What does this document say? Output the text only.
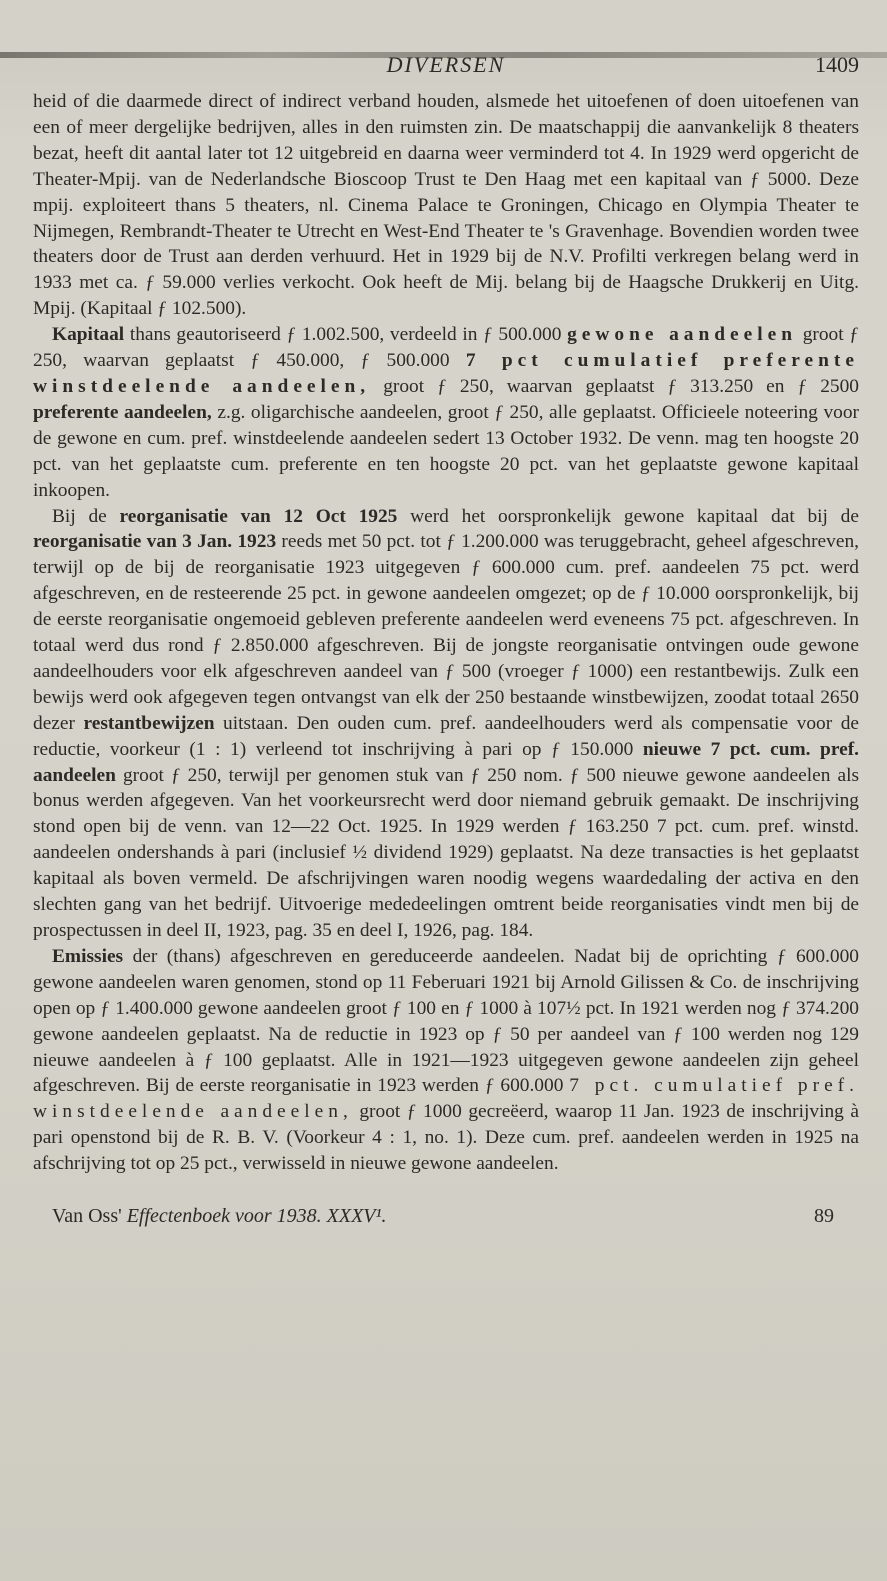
DIVERSEN	1409

heid of die daarmede direct of indirect verband houden, alsmede het uitoefenen of doen uitoefenen van een of meer dergelijke bedrijven, alles in den ruimsten zin. De maatschappij die aanvankelijk 8 theaters bezat, heeft dit aantal later tot 12 uitgebreid en daarna weer verminderd tot 4. In 1929 werd opgericht de Theater-Mpij. van de Nederlandsche Bioscoop Trust te Den Haag met een kapitaal van ƒ 5000. Deze mpij. exploiteert thans 5 theaters, nl. Cinema Palace te Groningen, Chicago en Olympia Theater te Nijmegen, Rembrandt-Theater te Utrecht en West-End Theater te 's Gravenhage. Bovendien worden twee theaters door de Trust aan derden verhuurd. Het in 1929 bij de N.V. Profilti verkregen belang werd in 1933 met ca. ƒ 59.000 verlies verkocht. Ook heeft de Mij. belang bij de Haagsche Drukkerij en Uitg. Mpij. (Kapitaal ƒ 102.500).

Kapitaal thans geautoriseerd ƒ 1.002.500, verdeeld in ƒ 500.000 gewone aandeelen groot ƒ 250, waarvan geplaatst ƒ 450.000, ƒ 500.000 7 pct cumulatief preferente winstdeelende aandeelen, groot ƒ 250, waarvan geplaatst ƒ 313.250 en ƒ 2500 preferente aandeelen, z.g. oligarchische aandeelen, groot ƒ 250, alle geplaatst. Officieele noteering voor de gewone en cum. pref. winstdeelende aandeelen sedert 13 October 1932. De venn. mag ten hoogste 20 pct. van het geplaatste cum. preferente en ten hoogste 20 pct. van het geplaatste gewone kapitaal inkoopen.

Bij de reorganisatie van 12 Oct 1925 werd het oorspronkelijk gewone kapitaal dat bij de reorganisatie van 3 Jan. 1923 reeds met 50 pct. tot ƒ 1.200.000 was teruggebracht, geheel afgeschreven, terwijl op de bij de reorganisatie 1923 uitgegeven ƒ 600.000 cum. pref. aandeelen 75 pct. werd afgeschreven, en de resteerende 25 pct. in gewone aandeelen omgezet; op de ƒ 10.000 oorspronkelijk, bij de eerste reorganisatie ongemoeid gebleven preferente aandeelen werd eveneens 75 pct. afgeschreven. In totaal werd dus rond ƒ 2.850.000 afgeschreven. Bij de jongste reorganisatie ontvingen oude gewone aandeelhouders voor elk afgeschreven aandeel van ƒ 500 (vroeger ƒ 1000) een restantbewijs. Zulk een bewijs werd ook afgegeven tegen ontvangst van elk der 250 bestaande winstbewijzen, zoodat totaal 2650 dezer restantbewijzen uitstaan. Den ouden cum. pref. aandeelhouders werd als compensatie voor de reductie, voorkeur (1 : 1) verleend tot inschrijving à pari op ƒ 150.000 nieuwe 7 pct. cum. pref. aandeelen groot ƒ 250, terwijl per genomen stuk van ƒ 250 nom. ƒ 500 nieuwe gewone aandeelen als bonus werden afgegeven. Van het voorkeursrecht werd door niemand gebruik gemaakt. De inschrijving stond open bij de venn. van 12—22 Oct. 1925. In 1929 werden ƒ 163.250 7 pct. cum. pref. winstd. aandeelen ondershands à pari (inclusief ½ dividend 1929) geplaatst. Na deze transacties is het geplaatst kapitaal als boven vermeld. De afschrijvingen waren noodig wegens waardedaling der activa en den slechten gang van het bedrijf. Uitvoerige mededeelingen omtrent beide reorganisaties vindt men bij de prospectussen in deel II, 1923, pag. 35 en deel I, 1926, pag. 184.

Emissies der (thans) afgeschreven en gereduceerde aandeelen. Nadat bij de oprichting ƒ 600.000 gewone aandeelen waren genomen, stond op 11 Feberuari 1921 bij Arnold Gilissen & Co. de inschrijving open op ƒ 1.400.000 gewone aandeelen groot ƒ 100 en ƒ 1000 à 107½ pct. In 1921 werden nog ƒ 374.200 gewone aandeelen geplaatst. Na de reductie in 1923 op ƒ 50 per aandeel van ƒ 100 werden nog 129 nieuwe aandeelen à ƒ 100 geplaatst. Alle in 1921—1923 uitgegeven gewone aandeelen zijn geheel afgeschreven. Bij de eerste reorganisatie in 1923 werden ƒ 600.000 7 pct. cumulatief pref. winstdeelende aandeelen, groot ƒ 1000 gecreëerd, waarop 11 Jan. 1923 de inschrijving à pari openstond bij de R. B. V. (Voorkeur 4 : 1, no. 1). Deze cum. pref. aandeelen werden in 1925 na afschrijving tot op 25 pct., verwisseld in nieuwe gewone aandeelen.

Van Oss' Effectenboek voor 1938. XXXV¹.	89
